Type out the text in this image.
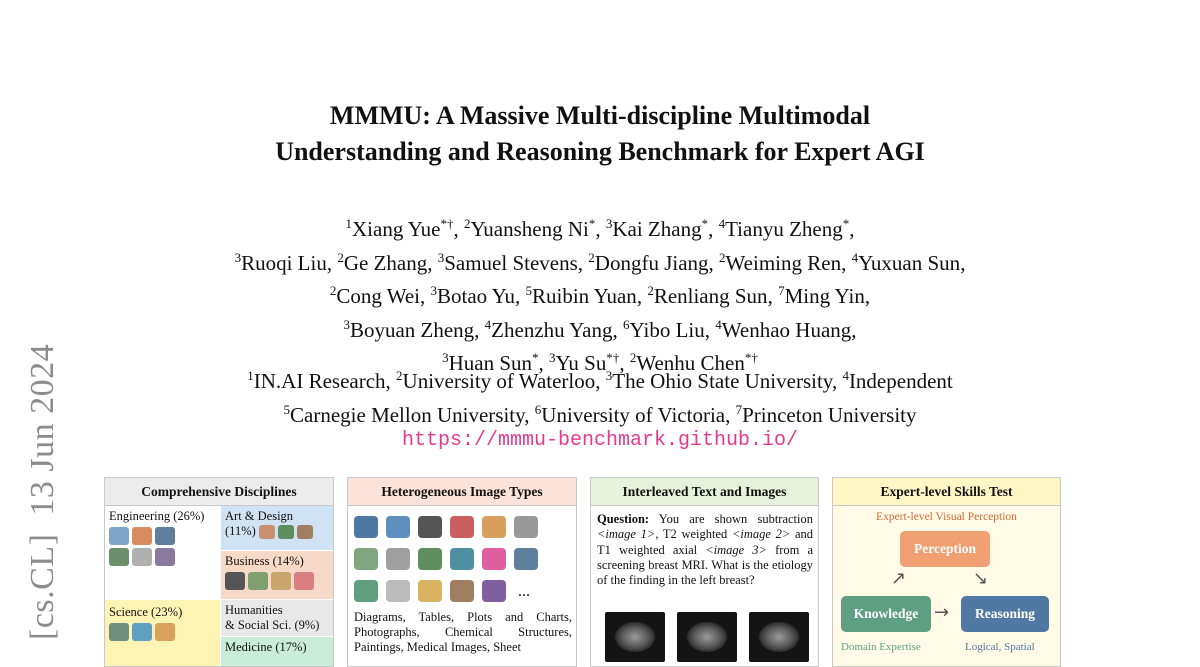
[cs.CL]13 Jun 2024
MMMU: A Massive Multi-discipline Multimodal
Understanding and Reasoning Benchmark for Expert AGI
$^1$Xiang Yue*†, $^2$Yuansheng Ni*, $^3$Kai Zhang*, $^4$Tianyu Zheng*,
$^3$Ruoqi Liu, $^2$Ge Zhang, $^3$Samuel Stevens, $^2$Dongfu Jiang, $^2$Weiming Ren, $^4$Yuxuan Sun,
$^2$Cong Wei, $^3$Botao Yu, $^5$Ruibin Yuan, $^2$Renliang Sun, $^7$Ming Yin,
$^3$Boyuan Zheng, $^4$Zhenzhu Yang, $^6$Yibo Liu, $^4$Wenhao Huang,
$^3$Huan Sun*, $^3$Yu Su*†, $^2$Wenhu Chen*†
$^1$IN.AI Research, $^2$University of Waterloo, $^3$The Ohio State University, $^4$Independent
$^5$Carnegie Mellon University, $^6$University of Victoria, $^7$Princeton University
https://mmmu-benchmark.github.io/
Comprehensive Disciplines
Engineering (26%)	Art & Design
(11%)
Business (14%)
Science (23%)	Humanities
& Social Sci. (9%)
Medicine (17%)
Heterogeneous Image Types

...
Diagrams, Tables, Plots and Charts, Photographs, Chemical Structures, Paintings, Medical Images, Sheet
Interleaved Text and Images
Question: You are shown subtraction <image 1>, T2 weighted <image 2> and T1 weighted axial <image 3> from a screening breast MRI. What is the etiology of the finding in the left breast?
Expert-level Skills Test
Expert-level Visual Perception
Perception
↗	↘
Knowledge →	Reasoning
Domain Expertise	Logical, Spatial
